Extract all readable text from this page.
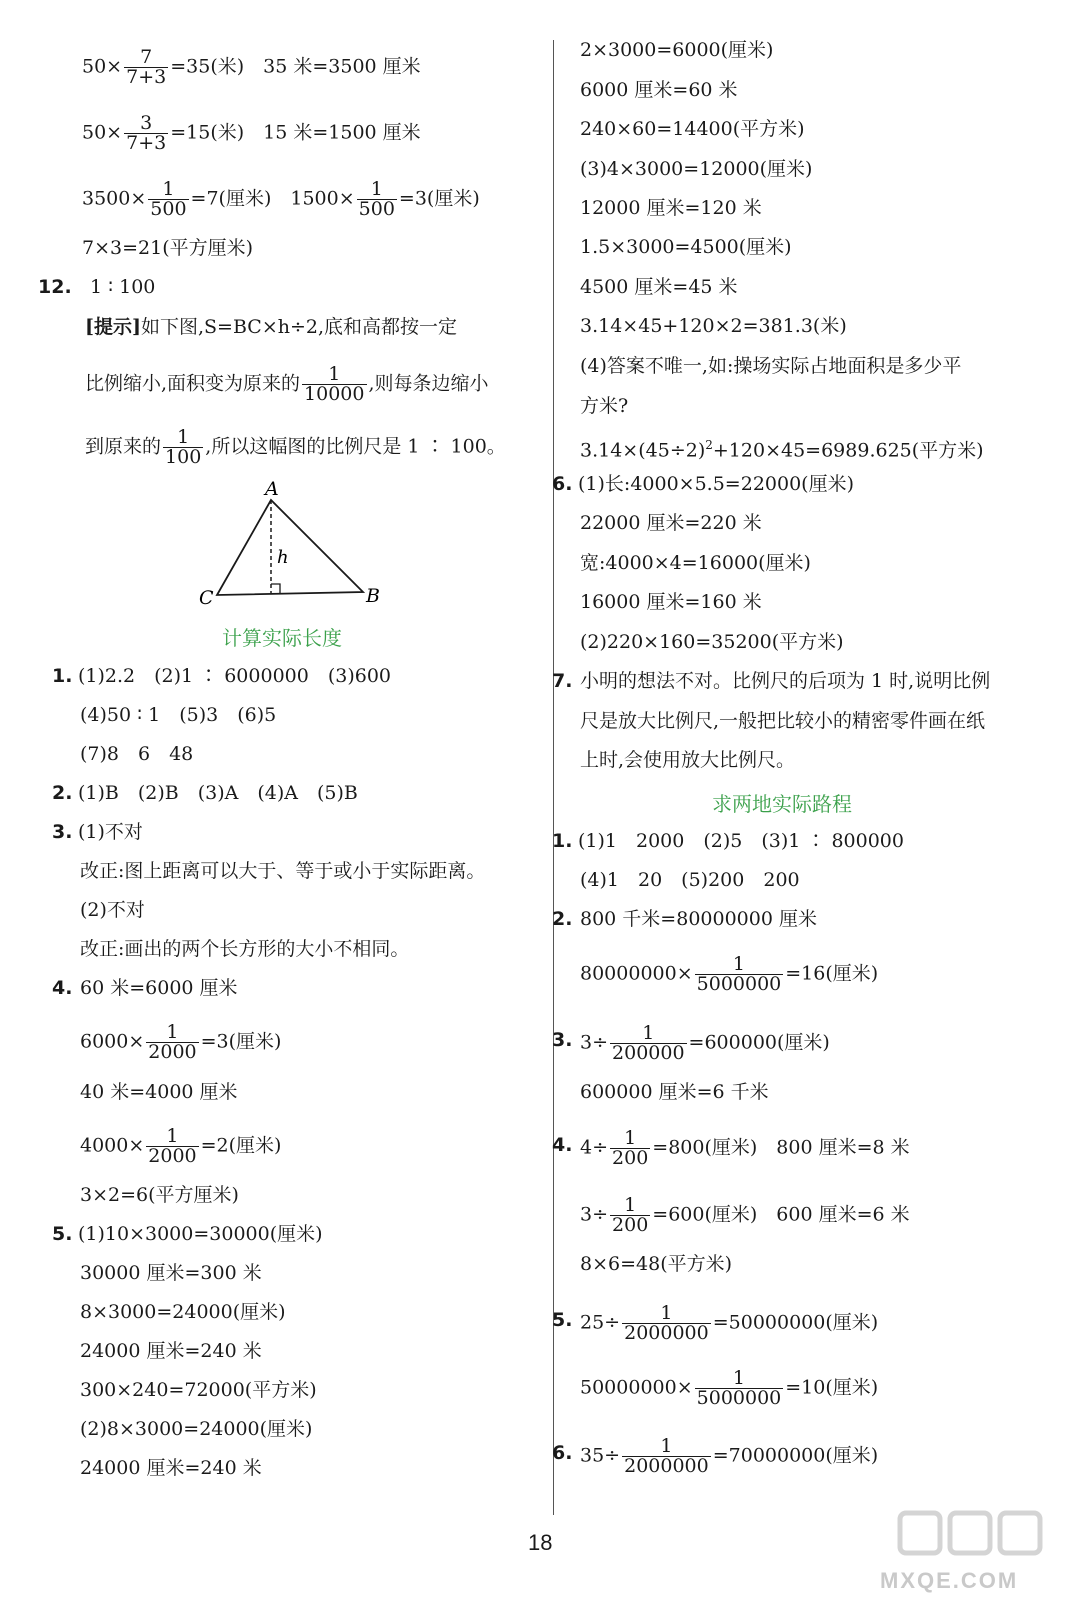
$50\times \frac{7}{7+3} =35$(米)　35 米=3500 厘米
$50\times \frac{3}{7+3} =15$(米)　15 米=1500 厘米
$3500\times \frac{1}{500} =7$(厘米)　$1500\times \frac{1}{500} =3$(厘米)
7×3=21(平方厘米)
12. 1 ∶ 100
[提示]如下图,S=BC×h÷2,底和高都按一定
比例缩小,面积变为原来的 $\frac{1}{10000}$ ,则每条边缩小
到原来的 $\frac{1}{100}$ ,所以这幅图的比例尺是 1 ∶ 100。
A
C	B
h
计算实际长度
1. (1)2.2　(2)1 ∶ 6000000　(3)600
(4)50 ∶ 1　(5)3　(6)5
(7)8　6　48
2. (1)B　(2)B　(3)A　(4)A　(5)B
3. (1)不对
改正:图上距离可以大于、等于或小于实际距离。
(2)不对
改正:画出的两个长方形的大小不相同。
4. 60 米=6000 厘米
$6000\times \frac{1}{2000} =3$(厘米)
40 米=4000 厘米
$4000\times \frac{1}{2000} =2$(厘米)
3×2=6(平方厘米)
5. (1)10×3000=30000(厘米)
30000 厘米=300 米
8×3000=24000(厘米)
24000 厘米=240 米
300×240=72000(平方米)
(2)8×3000=24000(厘米)
24000 厘米=240 米
2×3000=6000(厘米)
6000 厘米=60 米
240×60=14400(平方米)
(3)4×3000=12000(厘米)
12000 厘米=120 米
1.5×3000=4500(厘米)
4500 厘米=45 米
3.14×45+120×2=381.3(米)
(4)答案不唯一,如:操场实际占地面积是多少平
方米?
$3.14\times(45\div 2)^2+120\times 45=6989.625$(平方米)
6. (1)长:4000×5.5=22000(厘米)
22000 厘米=220 米
宽:4000×4=16000(厘米)
16000 厘米=160 米
(2)220×160=35200(平方米)
7. 小明的想法不对。比例尺的后项为 1 时,说明比例
尺是放大比例尺,一般把比较小的精密零件画在纸
上时,会使用放大比例尺。
求两地实际路程
1. (1)1　2000　(2)5　(3)1 ∶ 800000
(4)1　20　(5)200　200
2. 800 千米=80000000 厘米
$80000000\times \frac{1}{5000000} =16$(厘米)
3. $3\div \frac{1}{200000} =600000$(厘米)
600000 厘米=6 千米
4. $4\div \frac{1}{200} =800$(厘米)　800 厘米=8 米
$3\div \frac{1}{200} =600$(厘米)　600 厘米=6 米
8×6=48(平方米)
5. $25\div \frac{1}{2000000} =50000000$(厘米)
$50000000\times \frac{1}{5000000} =10$(厘米)
6. $35\div \frac{1}{2000000} =70000000$(厘米)
18
MXQE.COM
